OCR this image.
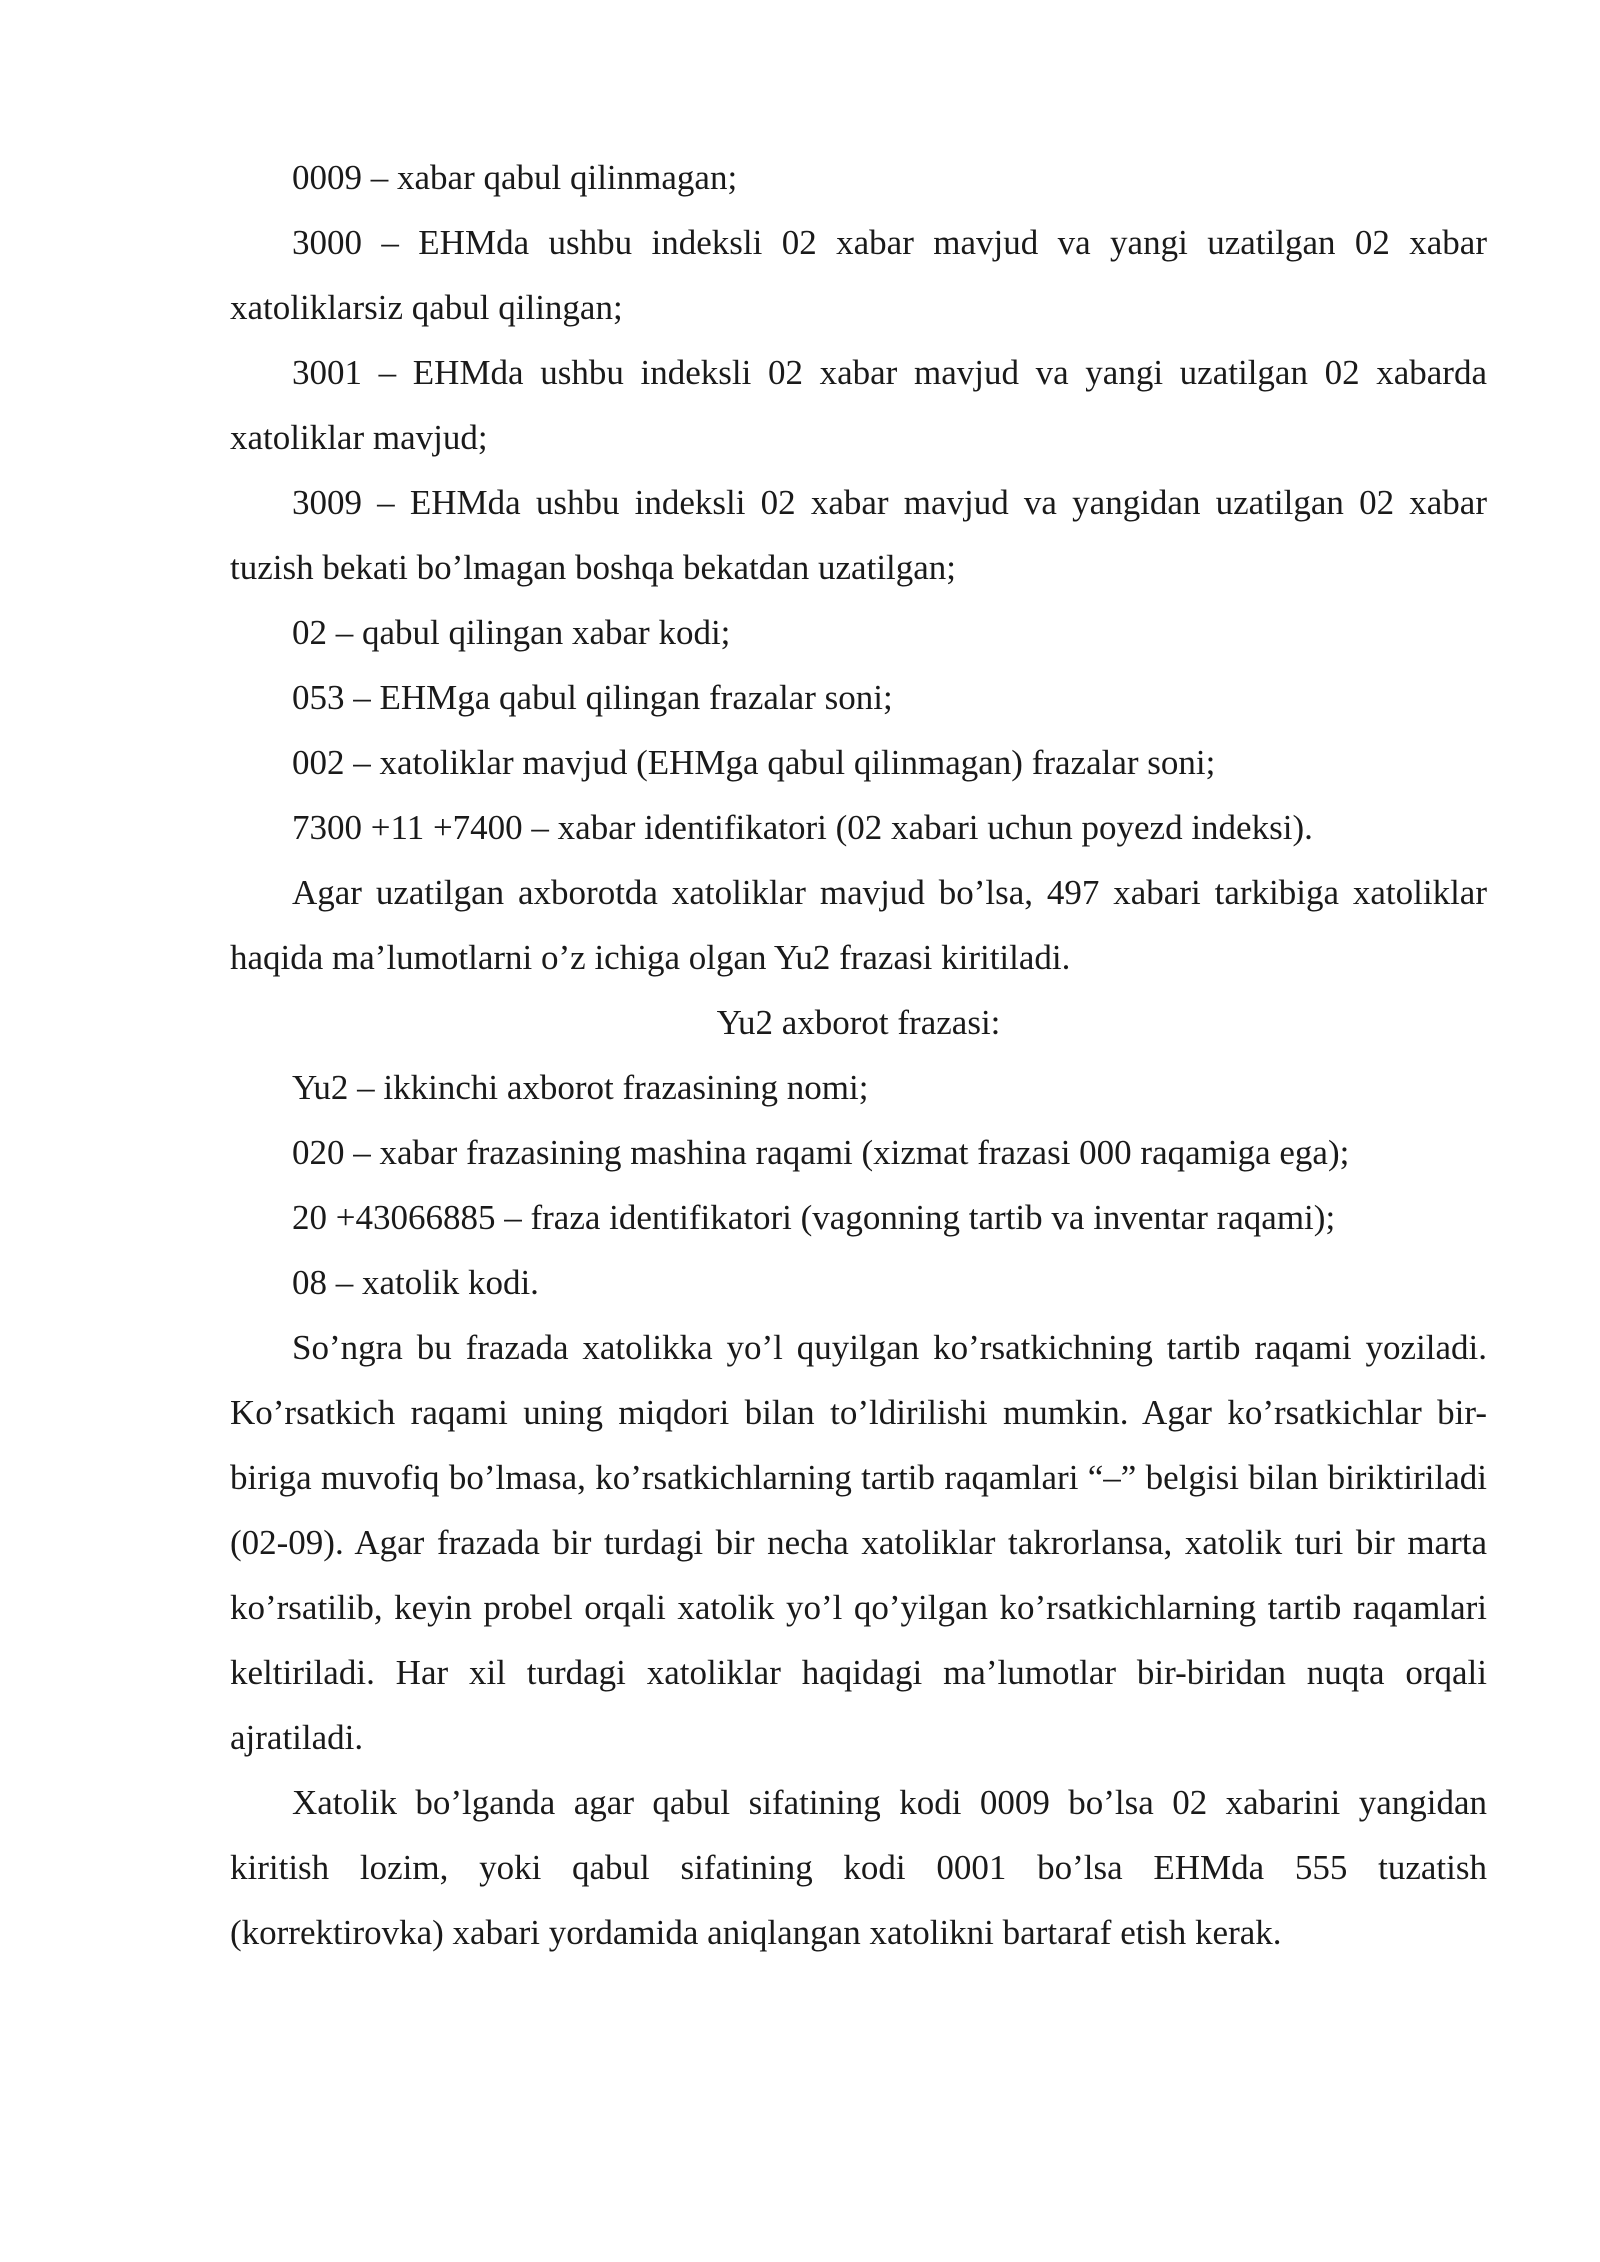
0009 – xabar qabul qilinmagan;

3000 – EHMda ushbu indeksli 02 xabar mavjud va yangi uzatilgan 02 xabar xatoliklarsiz qabul qilingan;

3001 – EHMda ushbu indeksli 02 xabar mavjud va yangi uzatilgan 02 xabarda xatoliklar mavjud;

3009 – EHMda ushbu indeksli 02 xabar mavjud va yangidan uzatilgan 02 xabar tuzish bekati bo’lmagan boshqa bekatdan uzatilgan;

02 – qabul qilingan xabar kodi;

053 – EHMga qabul qilingan frazalar soni;

002 – xatoliklar mavjud (EHMga qabul qilinmagan) frazalar soni;

7300 +11 +7400 – xabar identifikatori (02 xabari uchun poyezd indeksi).

Agar uzatilgan axborotda xatoliklar mavjud bo’lsa, 497 xabari tarkibiga xatoliklar haqida ma’lumotlarni o’z ichiga olgan Yu2 frazasi kiritiladi.

Yu2 axborot frazasi:

Yu2 – ikkinchi axborot frazasining nomi;

020 – xabar frazasining mashina raqami (xizmat frazasi 000 raqamiga ega);

20 +43066885 – fraza identifikatori (vagonning tartib va inventar raqami);

08 – xatolik kodi.

So’ngra bu frazada xatolikka yo’l quyilgan ko’rsatkichning tartib raqami yoziladi. Ko’rsatkich raqami uning miqdori bilan to’ldirilishi mumkin. Agar ko’rsatkichlar bir-biriga muvofiq bo’lmasa, ko’rsatkichlarning tartib raqamlari “–” belgisi bilan biriktiriladi (02-09). Agar frazada bir turdagi bir necha xatoliklar takrorlansa, xatolik turi bir marta ko’rsatilib, keyin probel orqali xatolik yo’l qo’yilgan ko’rsatkichlarning tartib raqamlari keltiriladi. Har xil turdagi xatoliklar haqidagi ma’lumotlar bir-biridan nuqta orqali ajratiladi.

Xatolik bo’lganda agar qabul sifatining kodi 0009 bo’lsa 02 xabarini yangidan kiritish lozim, yoki qabul sifatining kodi 0001 bo’lsa EHMda 555 tuzatish (korrektirovka) xabari yordamida aniqlangan xatolikni bartaraf etish kerak.
